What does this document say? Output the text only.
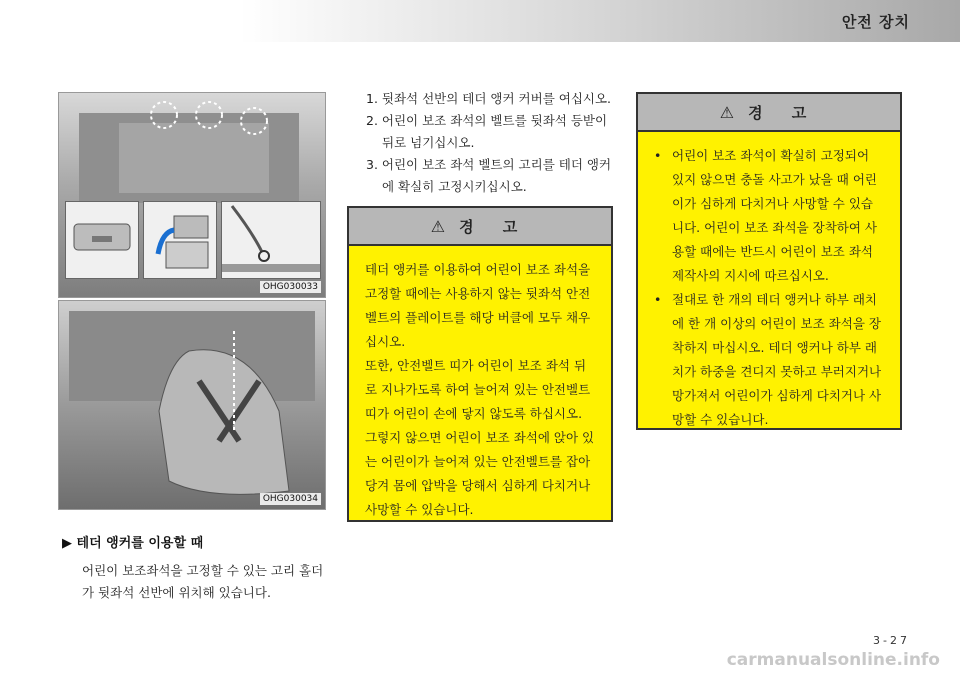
안전 장치
OHG030033
OHG030034

1. 뒷좌석 선반의 테더 앵커 커버를 여십시오.

2. 어린이 보조 좌석의 벨트를 뒷좌석 등받이

뒤로 넘기십시오.

3. 어린이 보조 좌석 벨트의 고리를 테더 앵커

에 확실히 고정시키십시오.

⚠ 경 고
테더 앵커를 이용하여 어린이 보조 좌석을 고정할 때에는 사용하지 않는 뒷좌석 안전벨트의 플레이트를 해당 버클에 모두 채우십시오.
또한, 안전벨트 띠가 어린이 보조 좌석 뒤로 지나가도록 하여 늘어져 있는 안전벨트 띠가 어린이 손에 닿지 않도록 하십시오. 그렇지 않으면 어린이 보조 좌석에 앉아 있는 어린이가 늘어져 있는 안전벨트를 잡아당겨 몸에 압박을 당해서 심하게 다치거나 사망할 수 있습니다.
⚠ 경 고
• 어린이 보조 좌석이 확실히 고정되어 있지 않으면 충돌 사고가 났을 때 어린이가 심하게 다치거나 사망할 수 있습니다. 어린이 보조 좌석을 장착하여 사용할 때에는 반드시 어린이 보조 좌석 제작사의 지시에 따르십시오.
• 절대로 한 개의 테더 앵커나 하부 래치에 한 개 이상의 어린이 보조 좌석을 장착하지 마십시오. 테더 앵커나 하부 래치가 하중을 견디지 못하고 부러지거나 망가져서 어린이가 심하게 다치거나 사망할 수 있습니다.
▶ 테더 앵커를 이용할 때
어린이 보조좌석을 고정할 수 있는 고리 홀더가 뒷좌석 선반에 위치해 있습니다.
3-27
carmanualsonline.info
